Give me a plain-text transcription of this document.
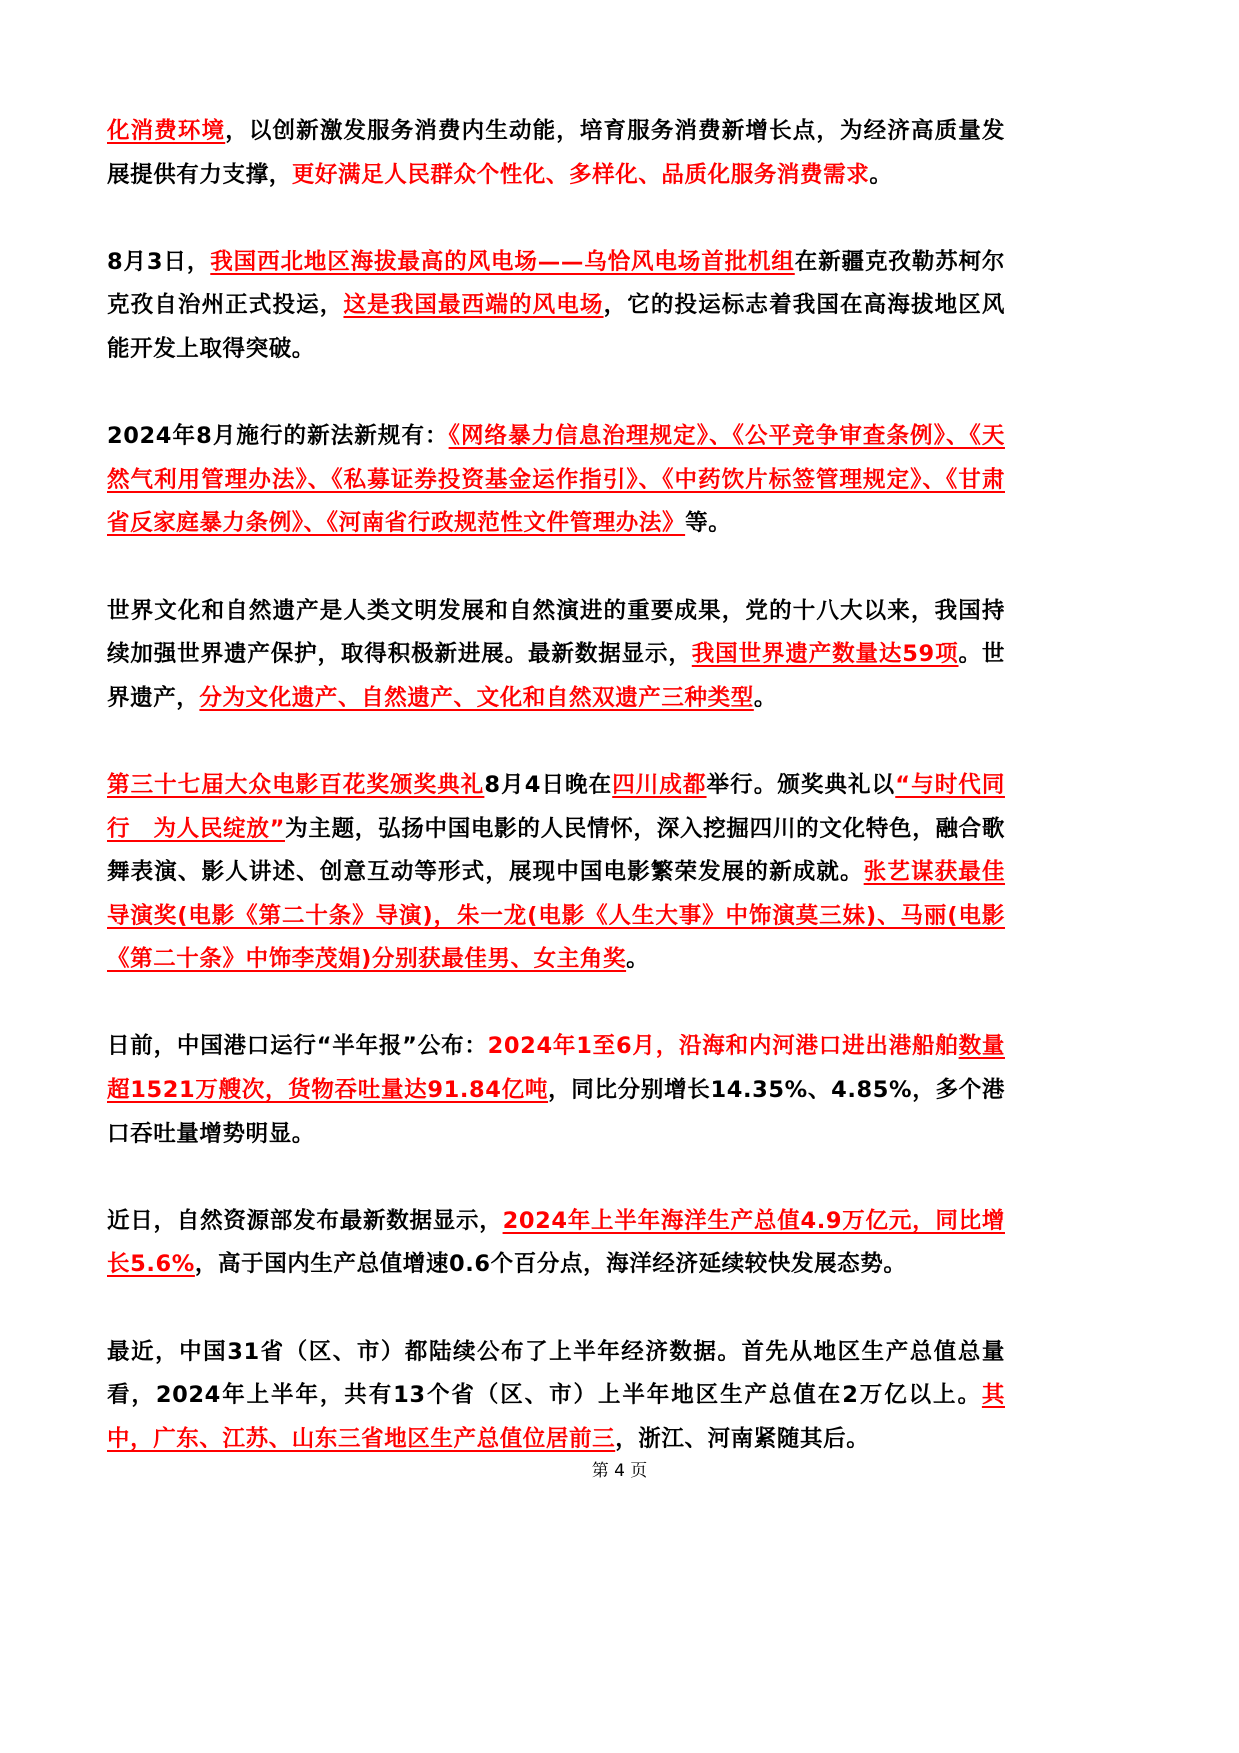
化消费环境，以创新激发服务消费内生动能，培育服务消费新增长点，为经济高质量发展提供有力支撑，更好满足人民群众个性化、多样化、品质化服务消费需求。

8月3日，我国西北地区海拔最高的风电场——乌恰风电场首批机组在新疆克孜勒苏柯尔克孜自治州正式投运，这是我国最西端的风电场，它的投运标志着我国在高海拔地区风能开发上取得突破。

2024年8月施行的新法新规有：《网络暴力信息治理规定》、《公平竞争审查条例》、《天然气利用管理办法》、《私募证券投资基金运作指引》、《中药饮片标签管理规定》、《甘肃省反家庭暴力条例》、《河南省行政规范性文件管理办法》等。

世界文化和自然遗产是人类文明发展和自然演进的重要成果，党的十八大以来，我国持续加强世界遗产保护，取得积极新进展。最新数据显示，我国世界遗产数量达59项。世界遗产，分为文化遗产、自然遗产、文化和自然双遗产三种类型。

第三十七届大众电影百花奖颁奖典礼8月4日晚在四川成都举行。颁奖典礼以“与时代同行　为人民绽放”为主题，弘扬中国电影的人民情怀，深入挖掘四川的文化特色，融合歌舞表演、影人讲述、创意互动等形式，展现中国电影繁荣发展的新成就。张艺谋获最佳导演奖(电影《第二十条》导演)，朱一龙(电影《人生大事》中饰演莫三妹)、马丽(电影《第二十条》中饰李茂娟)分别获最佳男、女主角奖。

日前，中国港口运行“半年报”公布：2024年1至6月，沿海和内河港口进出港船舶数量超1521万艘次，货物吞吐量达91.84亿吨，同比分别增长14.35%、4.85%，多个港口吞吐量增势明显。

近日，自然资源部发布最新数据显示，2024年上半年海洋生产总值4.9万亿元，同比增长5.6%，高于国内生产总值增速0.6个百分点，海洋经济延续较快发展态势。

最近，中国31省（区、市）都陆续公布了上半年经济数据。首先从地区生产总值总量看，2024年上半年，共有13个省（区、市）上半年地区生产总值在2万亿以上。其中，广东、江苏、山东三省地区生产总值位居前三，浙江、河南紧随其后。

第 4 页
